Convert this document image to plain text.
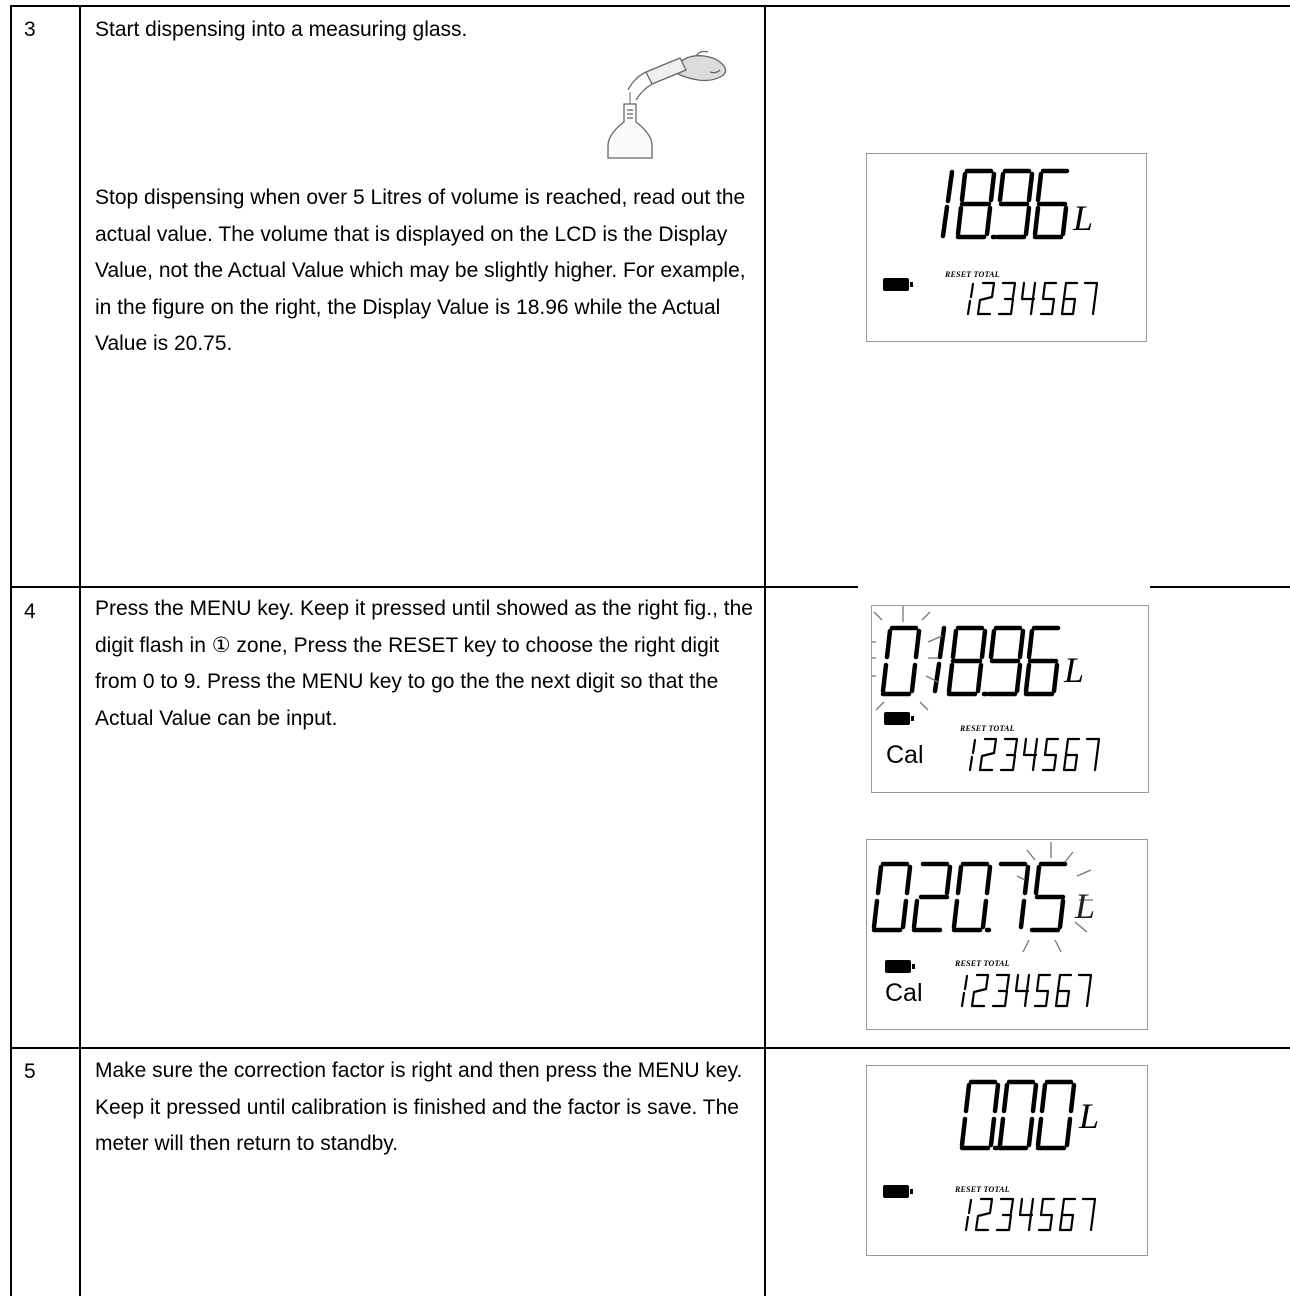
3	Start dispensing into a measuring glass.

Stop dispensing when over 5 Litres of volume is reached, read out the actual value. The volume that is displayed on the LCD is the Display Value, not the Actual Value which may be slightly higher. For example, in the figure on the right, the Display Value is 18.96 while the Actual Value is 20.75.

L
RESET TOTAL
4	Press the MENU key. Keep it pressed until showed as the right fig., the digit flash in ① zone, Press the RESET key to choose the right digit from 0 to 9. Press the MENU key to go the the next digit so that the Actual Value can be input.

L
RESET TOTAL
Cal
L
RESET TOTAL
Cal
5	Make sure the correction factor is right and then press the MENU key. Keep it pressed until calibration is finished and the factor is save. The meter will then return to standby.

L
RESET TOTAL
